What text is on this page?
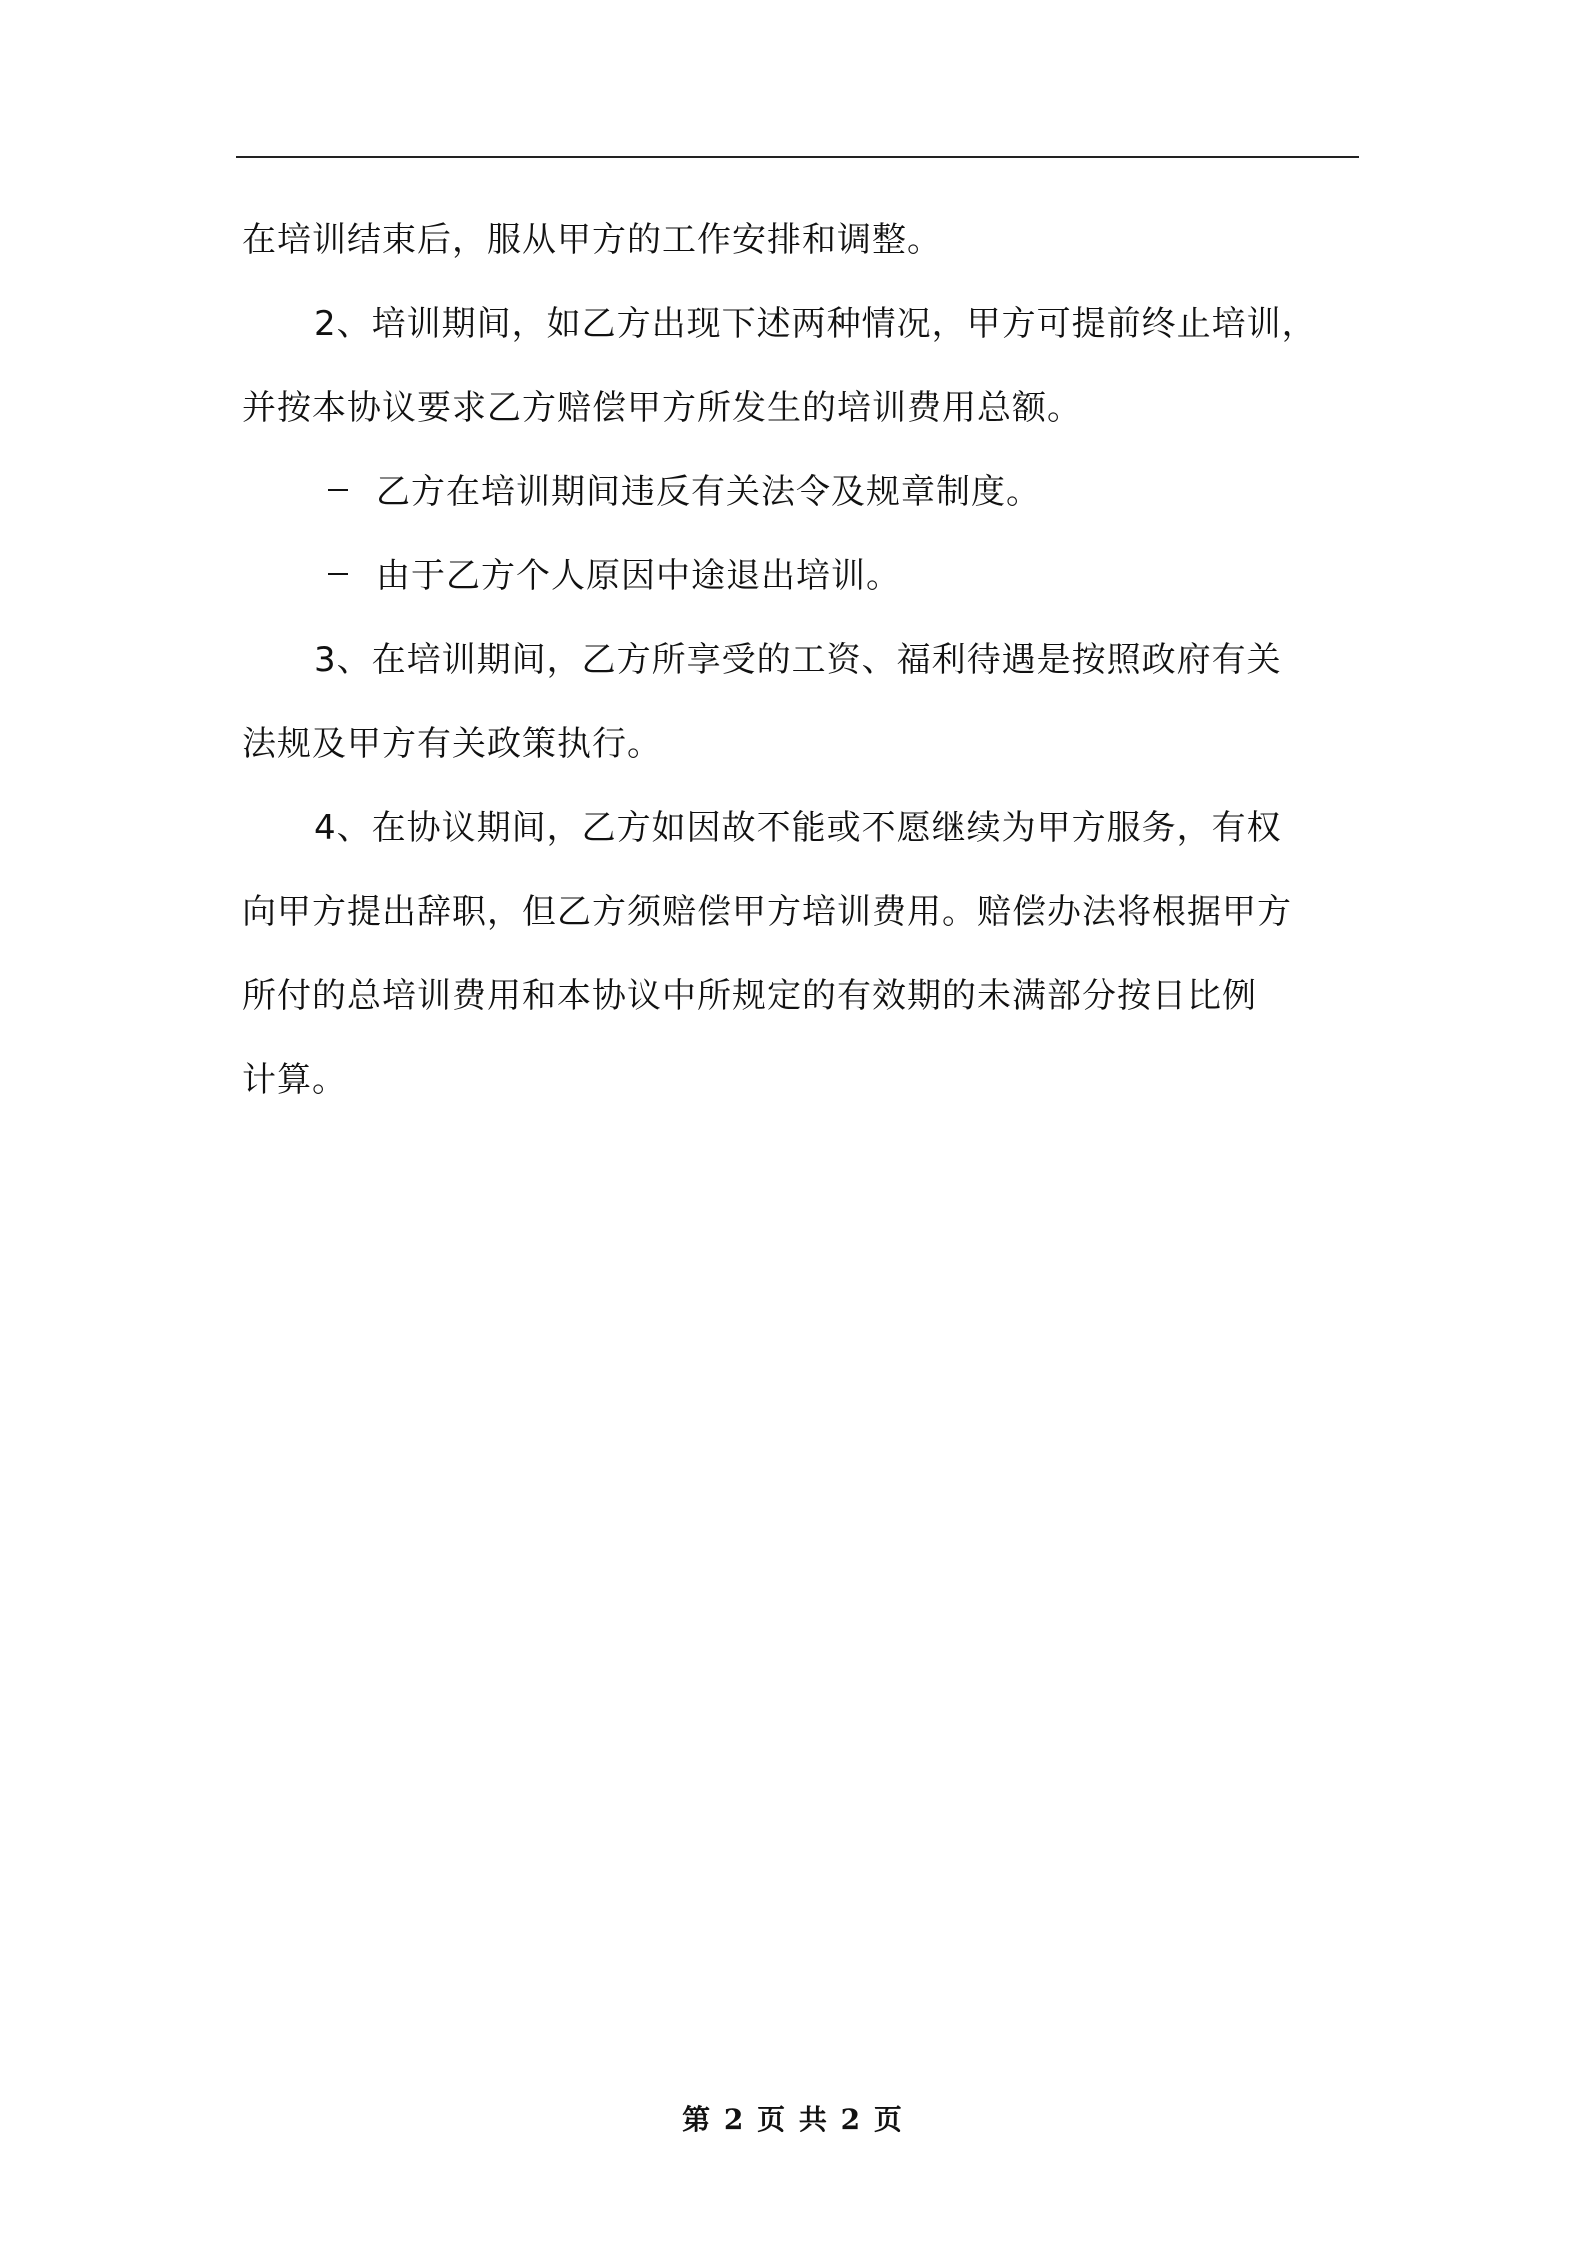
在培训结束后，服从甲方的工作安排和调整。

2、培训期间，如乙方出现下述两种情况，甲方可提前终止培训，

并按本协议要求乙方赔偿甲方所发生的培训费用总额。

乙方在培训期间违反有关法令及规章制度。

由于乙方个人原因中途退出培训。

3、在培训期间，乙方所享受的工资、福利待遇是按照政府有关

法规及甲方有关政策执行。

4、在协议期间，乙方如因故不能或不愿继续为甲方服务，有权

向甲方提出辞职，但乙方须赔偿甲方培训费用。赔偿办法将根据甲方

所付的总培训费用和本协议中所规定的有效期的未满部分按日比例

计算。

第 2 页 共 2 页
